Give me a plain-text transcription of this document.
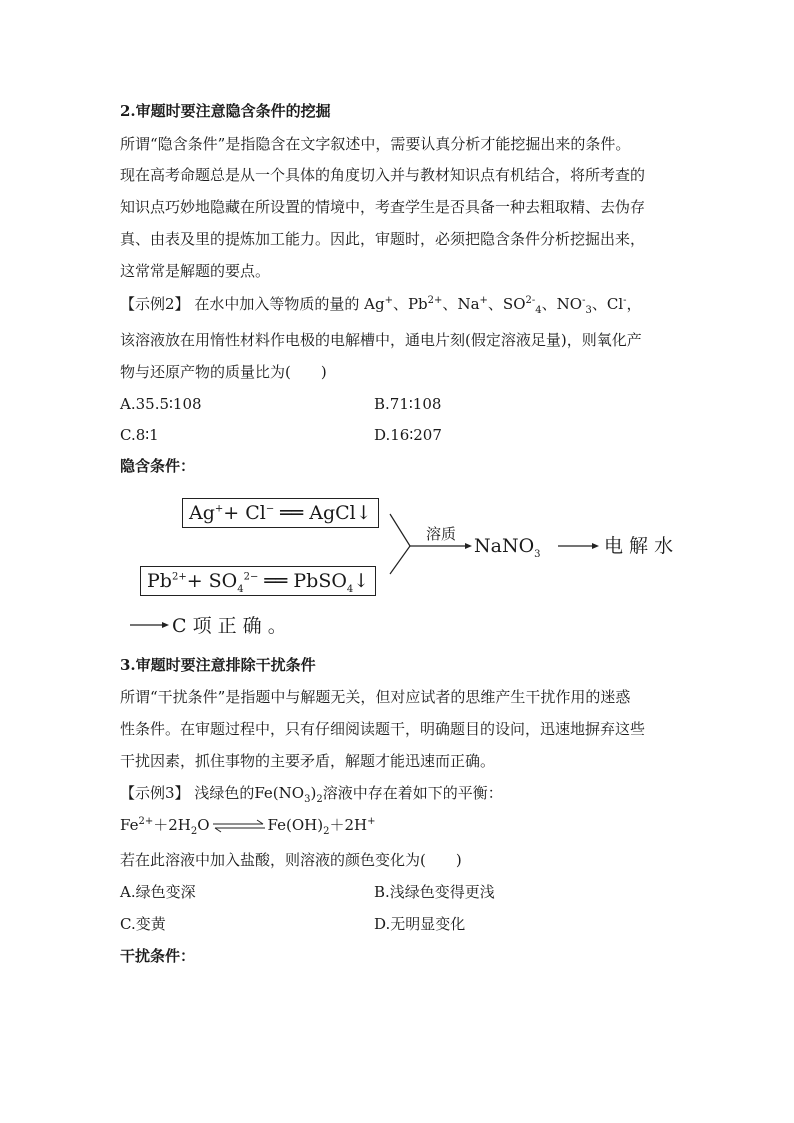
2.审题时要注意隐含条件的挖掘
所谓“隐含条件”是指隐含在文字叙述中，需要认真分析才能挖掘出来的条件。
现在高考命题总是从一个具体的角度切入并与教材知识点有机结合，将所考查的
知识点巧妙地隐藏在所设置的情境中，考查学生是否具备一种去粗取精、去伪存
真、由表及里的提炼加工能力。因此，审题时，必须把隐含条件分析挖掘出来，
这常常是解题的要点。
【示例2】 在水中加入等物质的量的 Ag+、$Pb^{2+}$、Na+、$SO^{2-}_4$、$NO^-_3$、Cl-，
该溶液放在用惰性材料作电极的电解槽中，通电片刻(假定溶液足量)，则氧化产
物与还原产物的质量比为(　　)
A.35.5∶108	B.71∶108
C.8∶1	D.16∶207
隐含条件：
Ag++ Cl− ══ AgCl↓
$Pb^{2+}+ SO_4^{2-}$ ══ PbSO$_4$↓
溶质
NaNO$_3$	电 解 水
C 项 正 确 。
3.审题时要注意排除干扰条件
所谓“干扰条件”是指题中与解题无关，但对应试者的思维产生干扰作用的迷惑
性条件。在审题过程中，只有仔细阅读题干，明确题目的设问，迅速地摒弃这些
干扰因素，抓住事物的主要矛盾，解题才能迅速而正确。
【示例3】 浅绿色的$Fe(NO_3)_2$溶液中存在着如下的平衡：
$Fe^{2+}+2H_2O\rightleftharpoons Fe(OH)_2+2H^+$
若在此溶液中加入盐酸，则溶液的颜色变化为(　　)
A.绿色变深	B.浅绿色变得更浅
C.变黄	D.无明显变化
干扰条件：
